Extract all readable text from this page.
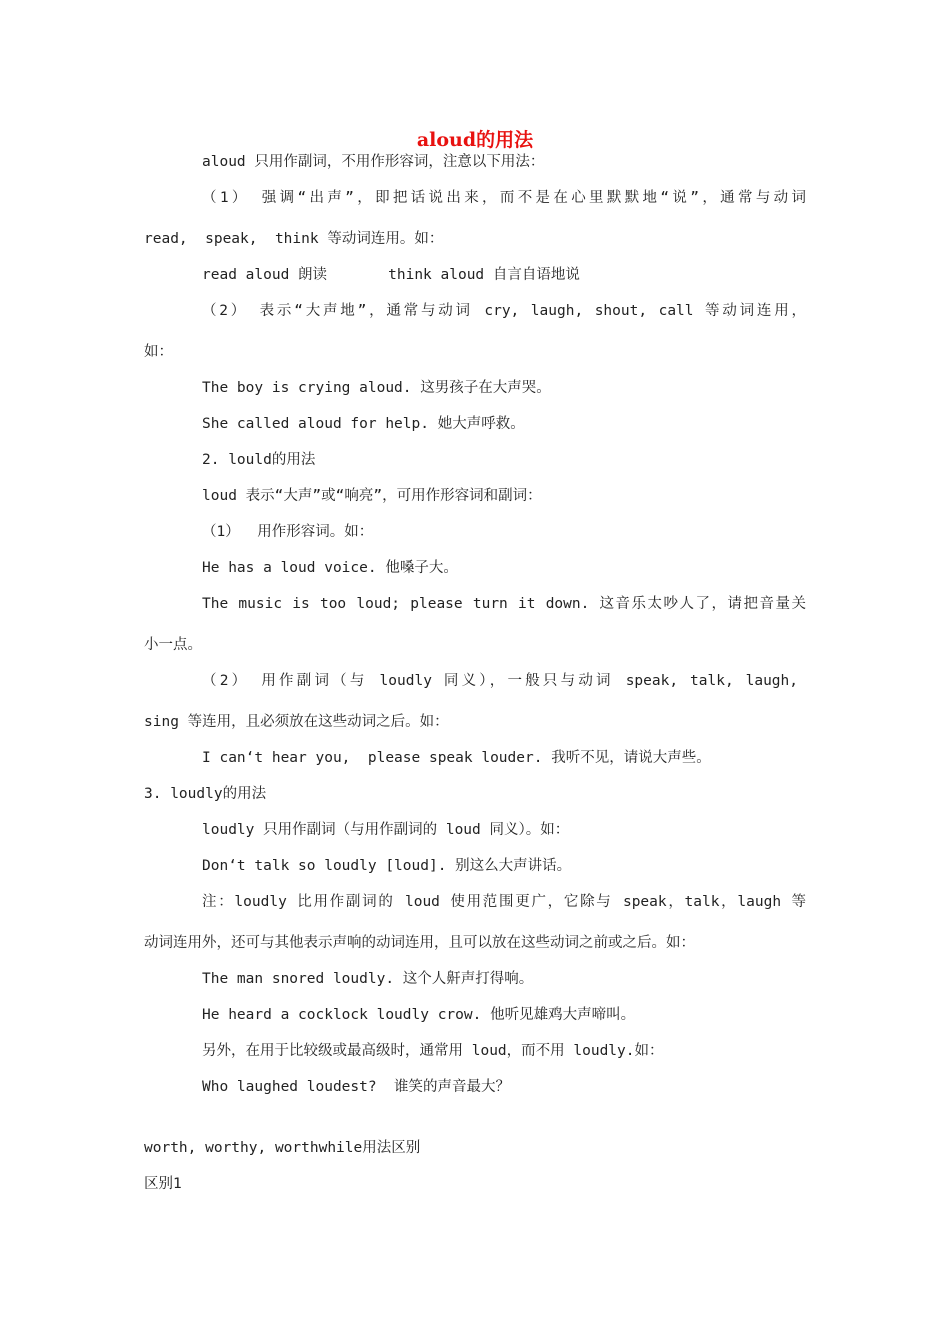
aloud的用法
aloud 只用作副词，不用作形容词，注意以下用法：
（1） 强调“出声”，即把话说出来，而不是在心里默默地“说”，通常与动词
read,  speak,  think 等动词连用。如：
read aloud 朗读       think aloud 自言自语地说
（2） 表示“大声地”，通常与动词 cry, laugh, shout, call 等动词连用，
如：
The boy is crying aloud. 这男孩子在大声哭。
She called aloud for help. 她大声呼救。
2. lould的用法
loud 表示“大声”或“响亮”，可用作形容词和副词：
（1）  用作形容词。如：
He has a loud voice. 他嗓子大。
The music is too loud; please turn it down. 这音乐太吵人了，请把音量关
小一点。
（2） 用作副词（与 loudly 同义），一般只与动词 speak, talk, laugh,
sing 等连用，且必须放在这些动词之后。如：
I can‘t hear you,  please speak louder. 我听不见，请说大声些。
3. loudly的用法
loudly 只用作副词（与用作副词的 loud 同义）。如：
Don‘t talk so loudly [loud]. 别这么大声讲话。
注：loudly 比用作副词的 loud 使用范围更广，它除与 speak，talk，laugh 等
动词连用外，还可与其他表示声响的动词连用，且可以放在这些动词之前或之后。如：
The man snored loudly. 这个人鼾声打得响。
He heard a cocklock loudly crow. 他听见雄鸡大声啼叫。
另外，在用于比较级或最高级时，通常用 loud，而不用 loudly.如：
Who laughed loudest?  谁笑的声音最大？
worth, worthy, worthwhile用法区别
区别1
